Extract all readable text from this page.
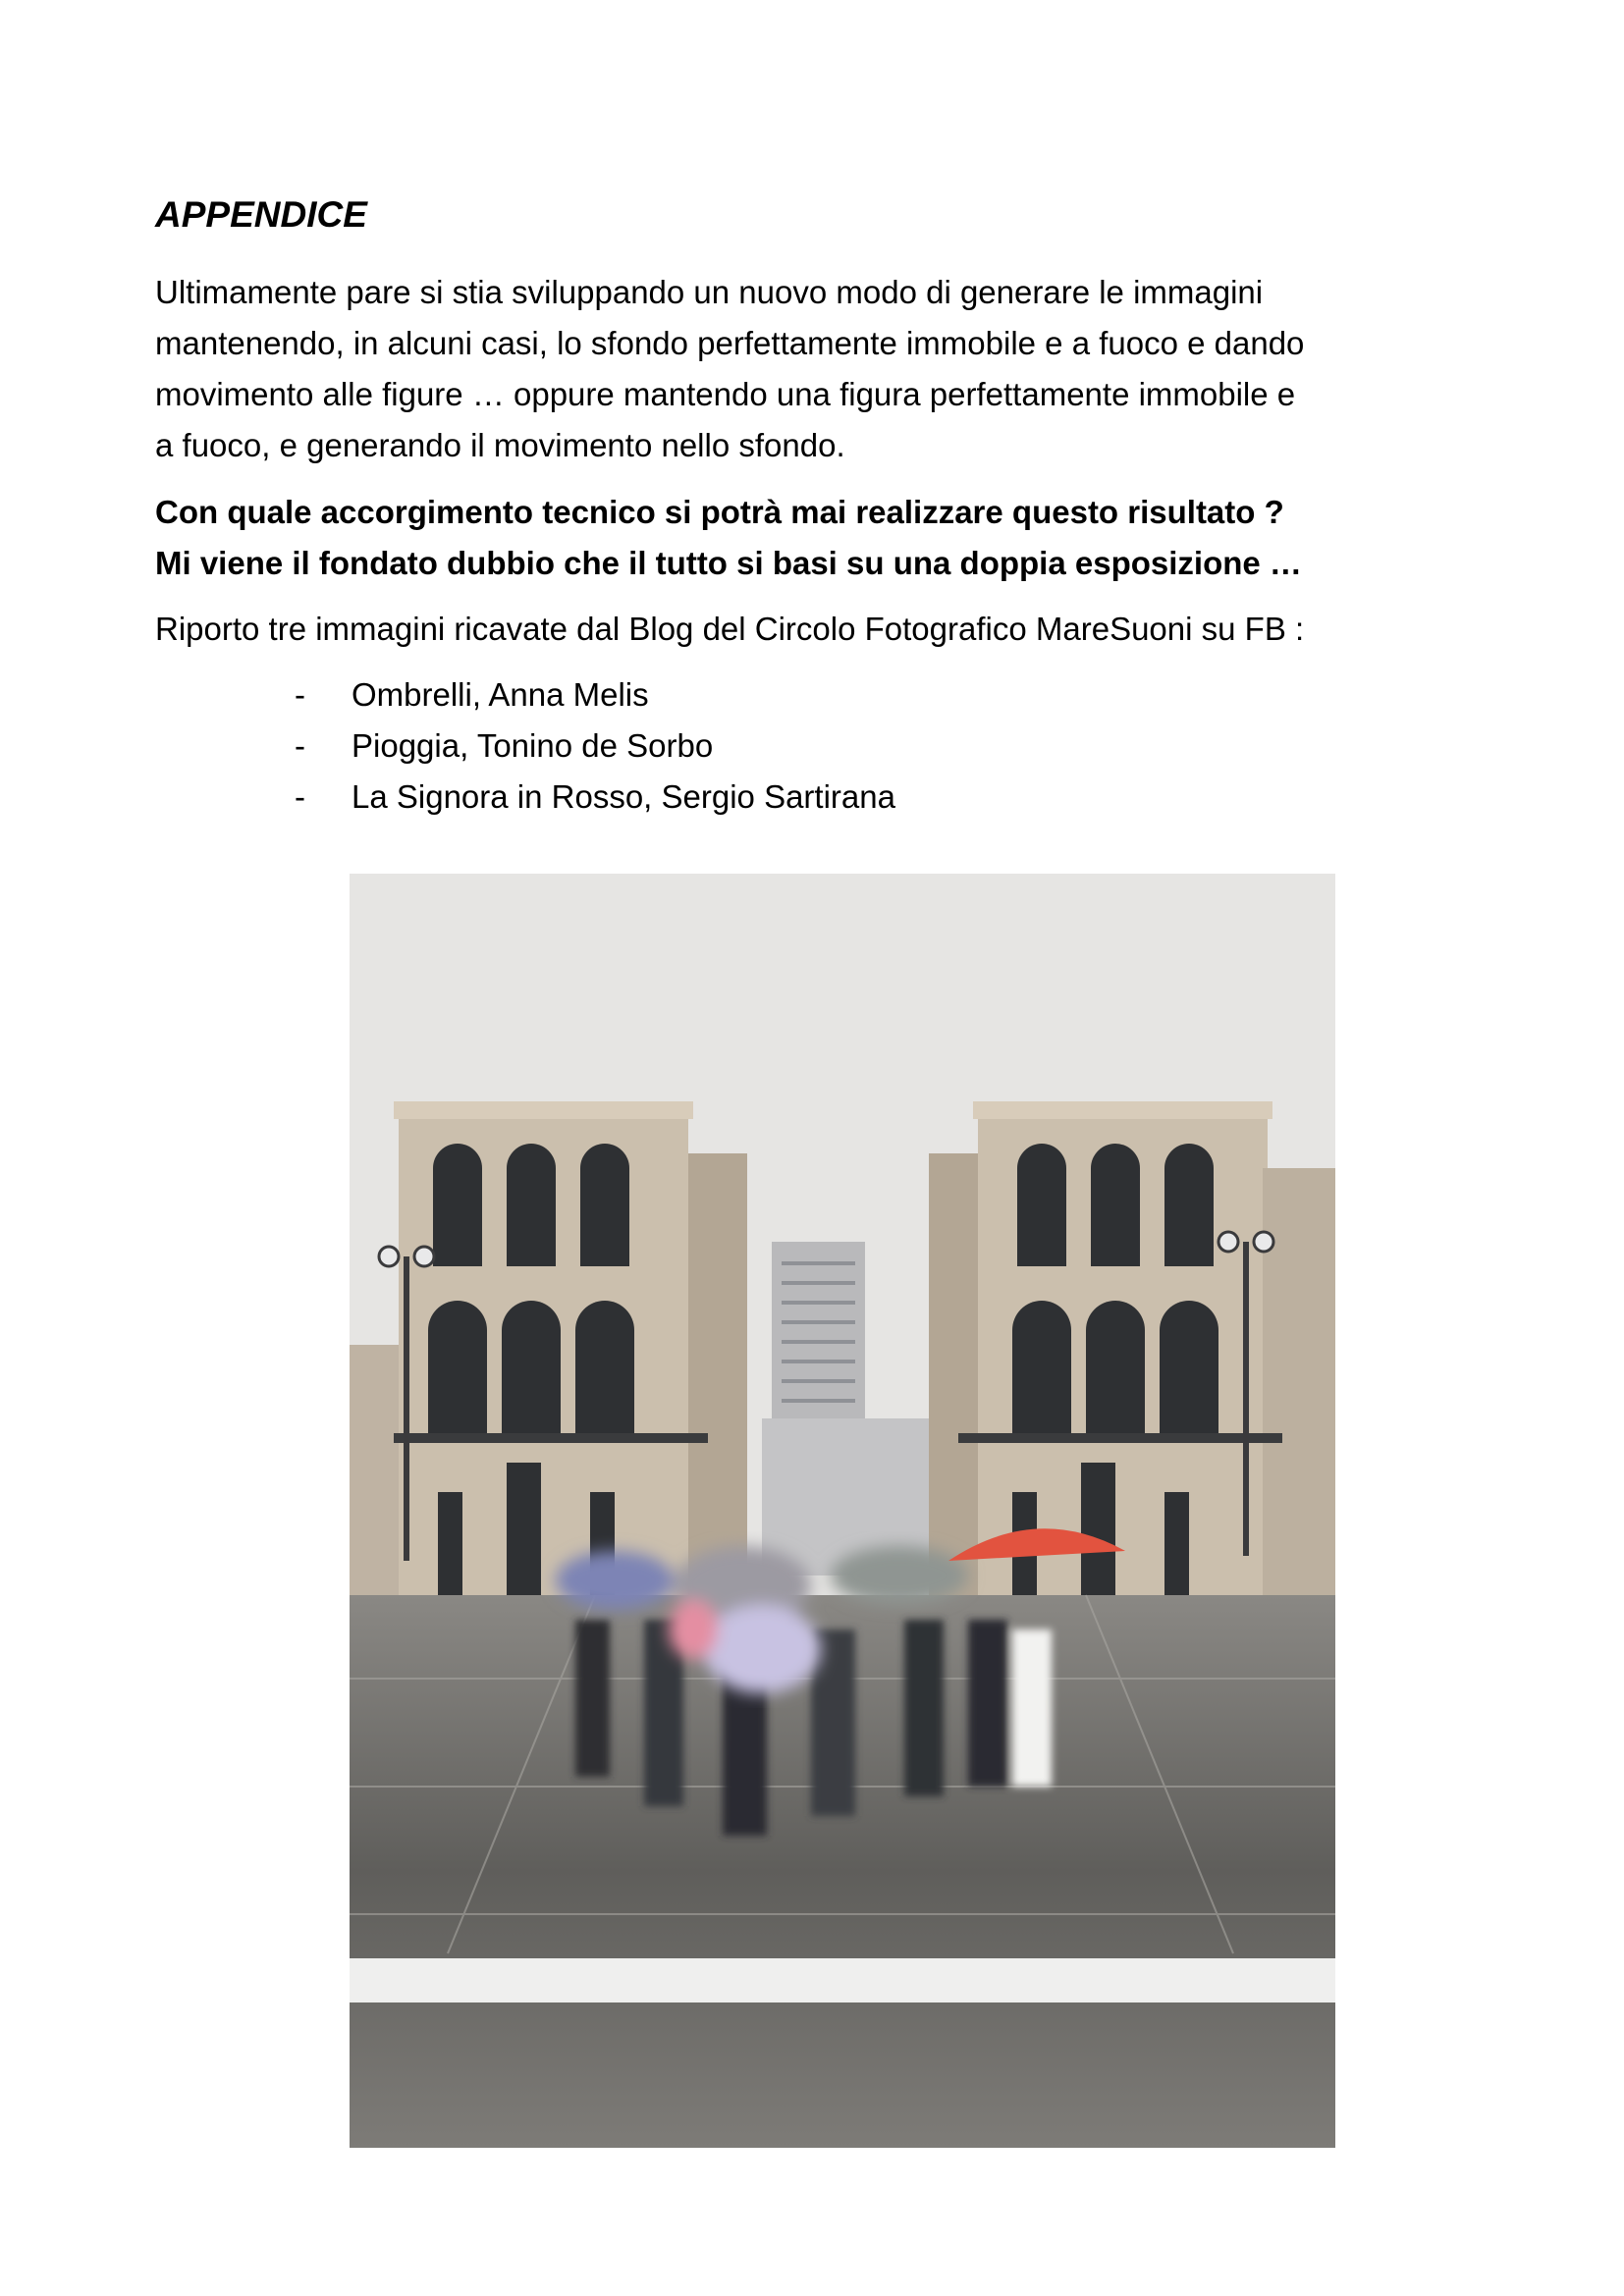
APPENDICE

Ultimamente pare si stia sviluppando un nuovo modo di generare le immagini
mantenendo, in alcuni casi, lo sfondo perfettamente immobile e a fuoco e dando
movimento alle figure … oppure mantendo una figura perfettamente immobile e
a fuoco, e generando il movimento nello sfondo.

Con quale accorgimento tecnico si potrà mai realizzare questo risultato ?
Mi viene il fondato dubbio che il tutto si basi su una doppia esposizione …

Riporto tre immagini ricavate dal Blog del Circolo Fotografico MareSuoni su FB :

- Ombrelli, Anna Melis
- Pioggia, Tonino de Sorbo
- La Signora in Rosso, Sergio Sartirana
